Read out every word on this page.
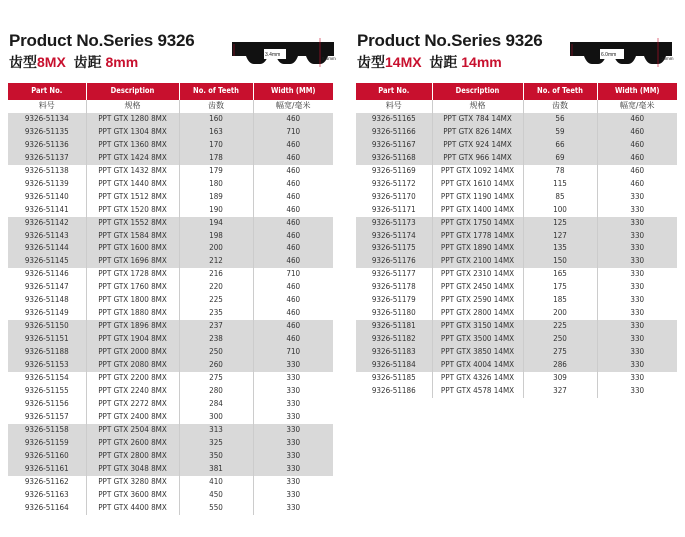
Product No.Series 9326
齿型8MX 齿距 8mm	3.4mm
5.6mm
Part No.	Description	No. of Teeth	Width (MM)
料号	规格	齿数	幅宽/毫米
9326-51134	PPT GTX 1280 8MX	160	460
9326-51135	PPT GTX 1304 8MX	163	710
9326-51136	PPT GTX 1360 8MX	170	460
9326-51137	PPT GTX 1424 8MX	178	460
9326-51138	PPT GTX 1432 8MX	179	460
9326-51139	PPT GTX 1440 8MX	180	460
9326-51140	PPT GTX 1512 8MX	189	460
9326-51141	PPT GTX 1520 8MX	190	460
9326-51142	PPT GTX 1552 8MX	194	460
9326-51143	PPT GTX 1584 8MX	198	460
9326-51144	PPT GTX 1600 8MX	200	460
9326-51145	PPT GTX 1696 8MX	212	460
9326-51146	PPT GTX 1728 8MX	216	710
9326-51147	PPT GTX 1760 8MX	220	460
9326-51148	PPT GTX 1800 8MX	225	460
9326-51149	PPT GTX 1880 8MX	235	460
9326-51150	PPT GTX 1896 8MX	237	460
9326-51151	PPT GTX 1904 8MX	238	460
9326-51188	PPT GTX 2000 8MX	250	710
9326-51153	PPT GTX 2080 8MX	260	330
9326-51154	PPT GTX 2200 8MX	275	330
9326-51155	PPT GTX 2240 8MX	280	330
9326-51156	PPT GTX 2272 8MX	284	330
9326-51157	PPT GTX 2400 8MX	300	330
9326-51158	PPT GTX 2504 8MX	313	330
9326-51159	PPT GTX 2600 8MX	325	330
9326-51160	PPT GTX 2800 8MX	350	330
9326-51161	PPT GTX 3048 8MX	381	330
9326-51162	PPT GTX 3280 8MX	410	330
9326-51163	PPT GTX 3600 8MX	450	330
9326-51164	PPT GTX 4400 8MX	550	330
Product No.Series 9326
齿型14MX 齿距 14mm	6.0mm
10mm
Part No.	Description	No. of Teeth	Width (MM)
料号	规格	齿数	幅宽/毫米
9326-51165	PPT GTX 784 14MX	56	460
9326-51166	PPT GTX 826 14MX	59	460
9326-51167	PPT GTX 924 14MX	66	460
9326-51168	PPT GTX 966 14MX	69	460
9326-51169	PPT GTX 1092 14MX	78	460
9326-51172	PPT GTX 1610 14MX	115	460
9326-51170	PPT GTX 1190 14MX	85	330
9326-51171	PPT GTX 1400 14MX	100	330
9326-51173	PPT GTX 1750 14MX	125	330
9326-51174	PPT GTX 1778 14MX	127	330
9326-51175	PPT GTX 1890 14MX	135	330
9326-51176	PPT GTX 2100 14MX	150	330
9326-51177	PPT GTX 2310 14MX	165	330
9326-51178	PPT GTX 2450 14MX	175	330
9326-51179	PPT GTX 2590 14MX	185	330
9326-51180	PPT GTX 2800 14MX	200	330
9326-51181	PPT GTX 3150 14MX	225	330
9326-51182	PPT GTX 3500 14MX	250	330
9326-51183	PPT GTX 3850 14MX	275	330
9326-51184	PPT GTX 4004 14MX	286	330
9326-51185	PPT GTX 4326 14MX	309	330
9326-51186	PPT GTX 4578 14MX	327	330
